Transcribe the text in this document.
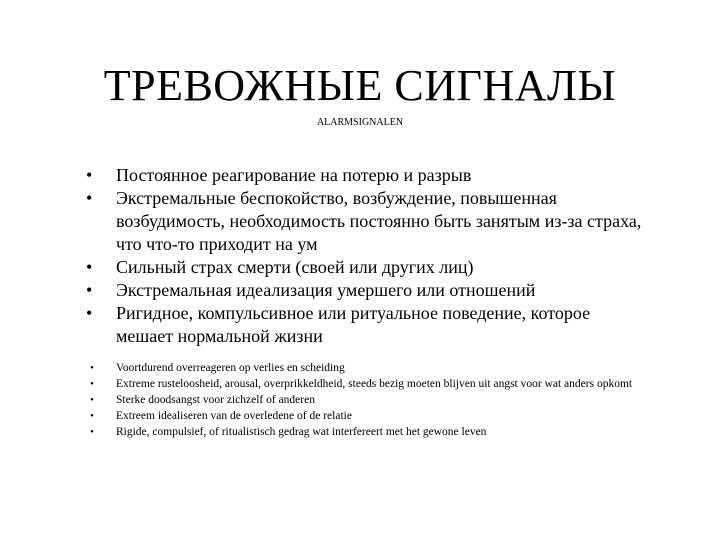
ТРЕВОЖНЫЕ СИГНАЛЫ
ALARMSIGNALEN
• Постоянное реагирование на потерю и разрыв
• Экстремальные беспокойство, возбуждение, повышенная возбудимость, необходимость постоянно быть занятым из-за страха, что что-то приходит на ум
• Сильный страх смерти (своей или других лиц)
• Экстремальная идеализация умершего или отношений
• Ригидное, компульсивное или ритуальное поведение, которое мешает нормальной жизни
• Voortdurend overreageren op verlies en scheiding
• Extreme rusteloosheid, arousal, overprikkeldheid, steeds bezig moeten blijven uit angst voor wat anders opkomt
• Sterke doodsangst voor zichzelf of anderen
• Extreem idealiseren van de overledene of de relatie
• Rigide, compulsief, of ritualistisch gedrag wat interfereert met het gewone leven
